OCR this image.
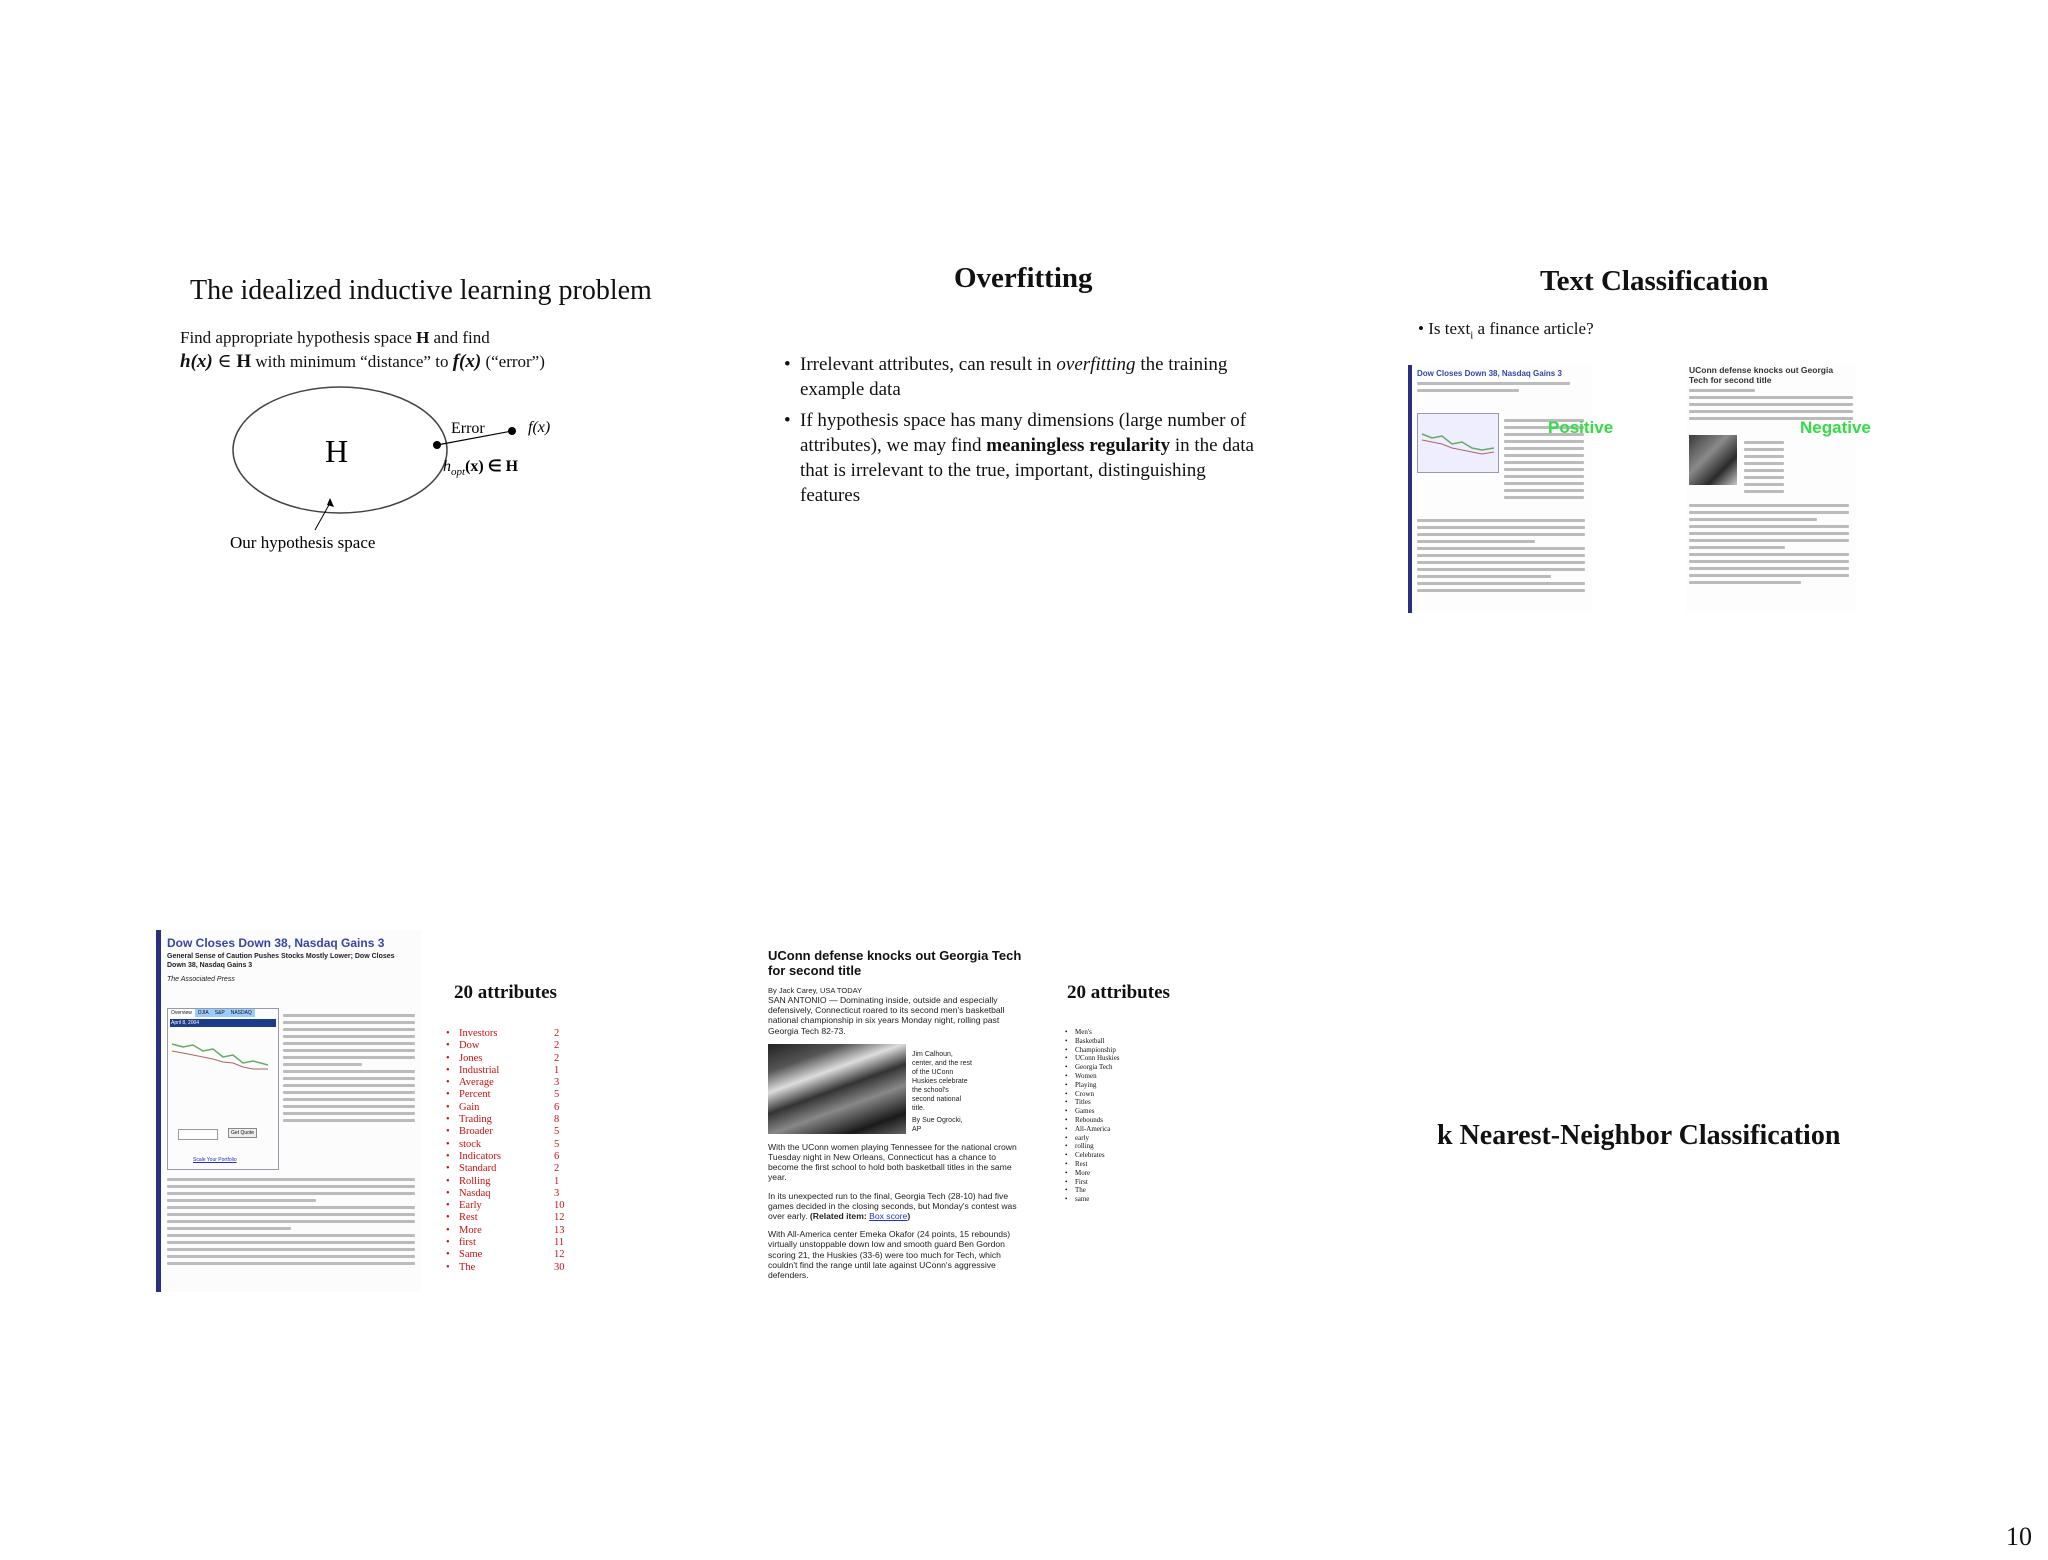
The idealized inductive learning problem
Find appropriate hypothesis space H and find
h(x) ∈ H with minimum “distance” to f(x) (“error”)
H
Error	f(x)
$h_{opt}(x)$ ∈ H
Our hypothesis space
Overfitting
• Irrelevant attributes, can result in overfitting the training example data
• If hypothesis space has many dimensions (large number of attributes), we may find meaningless regularity in the data that is irrelevant to the true, important, distinguishing features
Text Classification
• Is text$_i$ a finance article?
Dow Closes Down 38, Nasdaq Gains 3
Positive
UConn defense knocks out Georgia Tech for second title
Negative
Dow Closes Down 38, Nasdaq Gains 3
General Sense of Caution Pushes Stocks Mostly Lower; Dow Closes Down 38, Nasdaq Gains 3
The Associated Press
Overview	DJIA	S&P	NASDAQ
April 8, 2004
Get Quote
Scale Your Portfolio
20 attributes
• Investors	2
• Dow	2
• Jones	2
• Industrial	1
• Average	3
• Percent	5
• Gain	6
• Trading	8
• Broader	5
• stock	5
• Indicators	6
• Standard	2
• Rolling	1
• Nasdaq	3
• Early	10
• Rest	12
• More	13
• first	11
• Same	12
• The	30
UConn defense knocks out Georgia Tech for second title
By Jack Carey, USA TODAY
SAN ANTONIO — Dominating inside, outside and especially defensively, Connecticut roared to its second men's basketball national championship in six years Monday night, rolling past Georgia Tech 82-73.
Jim Calhoun, center, and the rest of the UConn Huskies celebrate the school's second national title.
By Sue Ogrocki, AP
With the UConn women playing Tennessee for the national crown Tuesday night in New Orleans, Connecticut has a chance to become the first school to hold both basketball titles in the same year.
In its unexpected run to the final, Georgia Tech (28-10) had five games decided in the closing seconds, but Monday's contest was over early. (Related item: Box score)
With All-America center Emeka Okafor (24 points, 15 rebounds) virtually unstoppable down low and smooth guard Ben Gordon scoring 21, the Huskies (33-6) were too much for Tech, which couldn't find the range until late against UConn's aggressive defenders.
20 attributes
• Men's
• Basketball
• Championship
• UConn Huskies
• Georgia Tech
• Women
• Playing
• Crown
• Titles
• Games
• Rebounds
• All-America
• early
• rolling
• Celebrates
• Rest
• More
• First
• The
• same
k Nearest-Neighbor Classification
10
